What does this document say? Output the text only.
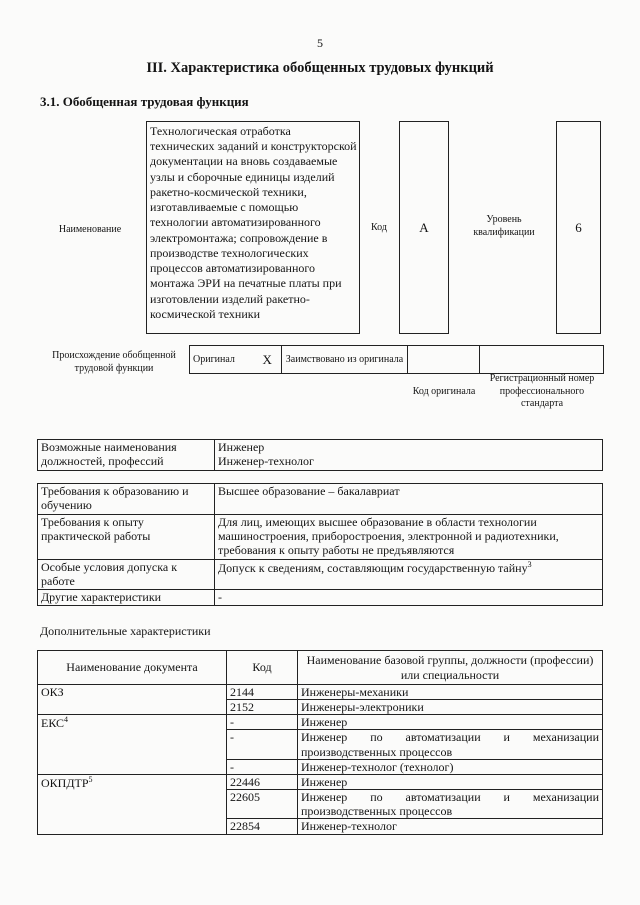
5
III. Характеристика обобщенных трудовых функций
3.1. Обобщенная трудовая функция
Наименование
Технологическая отработка технических заданий и конструкторской документации на вновь создаваемые узлы и сборочные единицы изделий ракетно-космической техники, изготавливаемые с помощью технологии автоматизированного электромонтажа; сопровождение в производстве технологических процессов автоматизированного монтажа ЭРИ на печатные платы при изготовлении изделий ракетно-космической техники
Код	A	Уровень квалификации	6
Происхождение обобщенной трудовой функции
Оригинал	X	Заимствовано из оригинала		
Код оригинала
Регистрационный номер профессионального стандарта
Возможные наименования должностей, профессий	
Инженер
Инженер-технолог
Требования к образованию и обучению	Высшее образование – бакалавриат
Требования к опыту практической работы	Для лиц, имеющих высшее образование в области технологии машиностроения, приборостроения, электронной и радиотехники, требования к опыту работы не предъявляются
Особые условия допуска к работе	Допуск к сведениям, составляющим государственную тайну$^3$
Другие характеристики	-
Дополнительные характеристики
Наименование документа	Код	Наименование базовой группы, должности (профессии) или специальности
ОКЗ	2144	Инженеры-механики
	2152	Инженеры-электроники
ЕКС$^4$	-	Инженер
	-	Инженер по автоматизации и механизации
производственных процессов

	-	Инженер-технолог (технолог)
ОКПДТР$^5$	22446	Инженер
	22605	Инженер по автоматизации и механизации
производственных процессов

	22854	Инженер-технолог
